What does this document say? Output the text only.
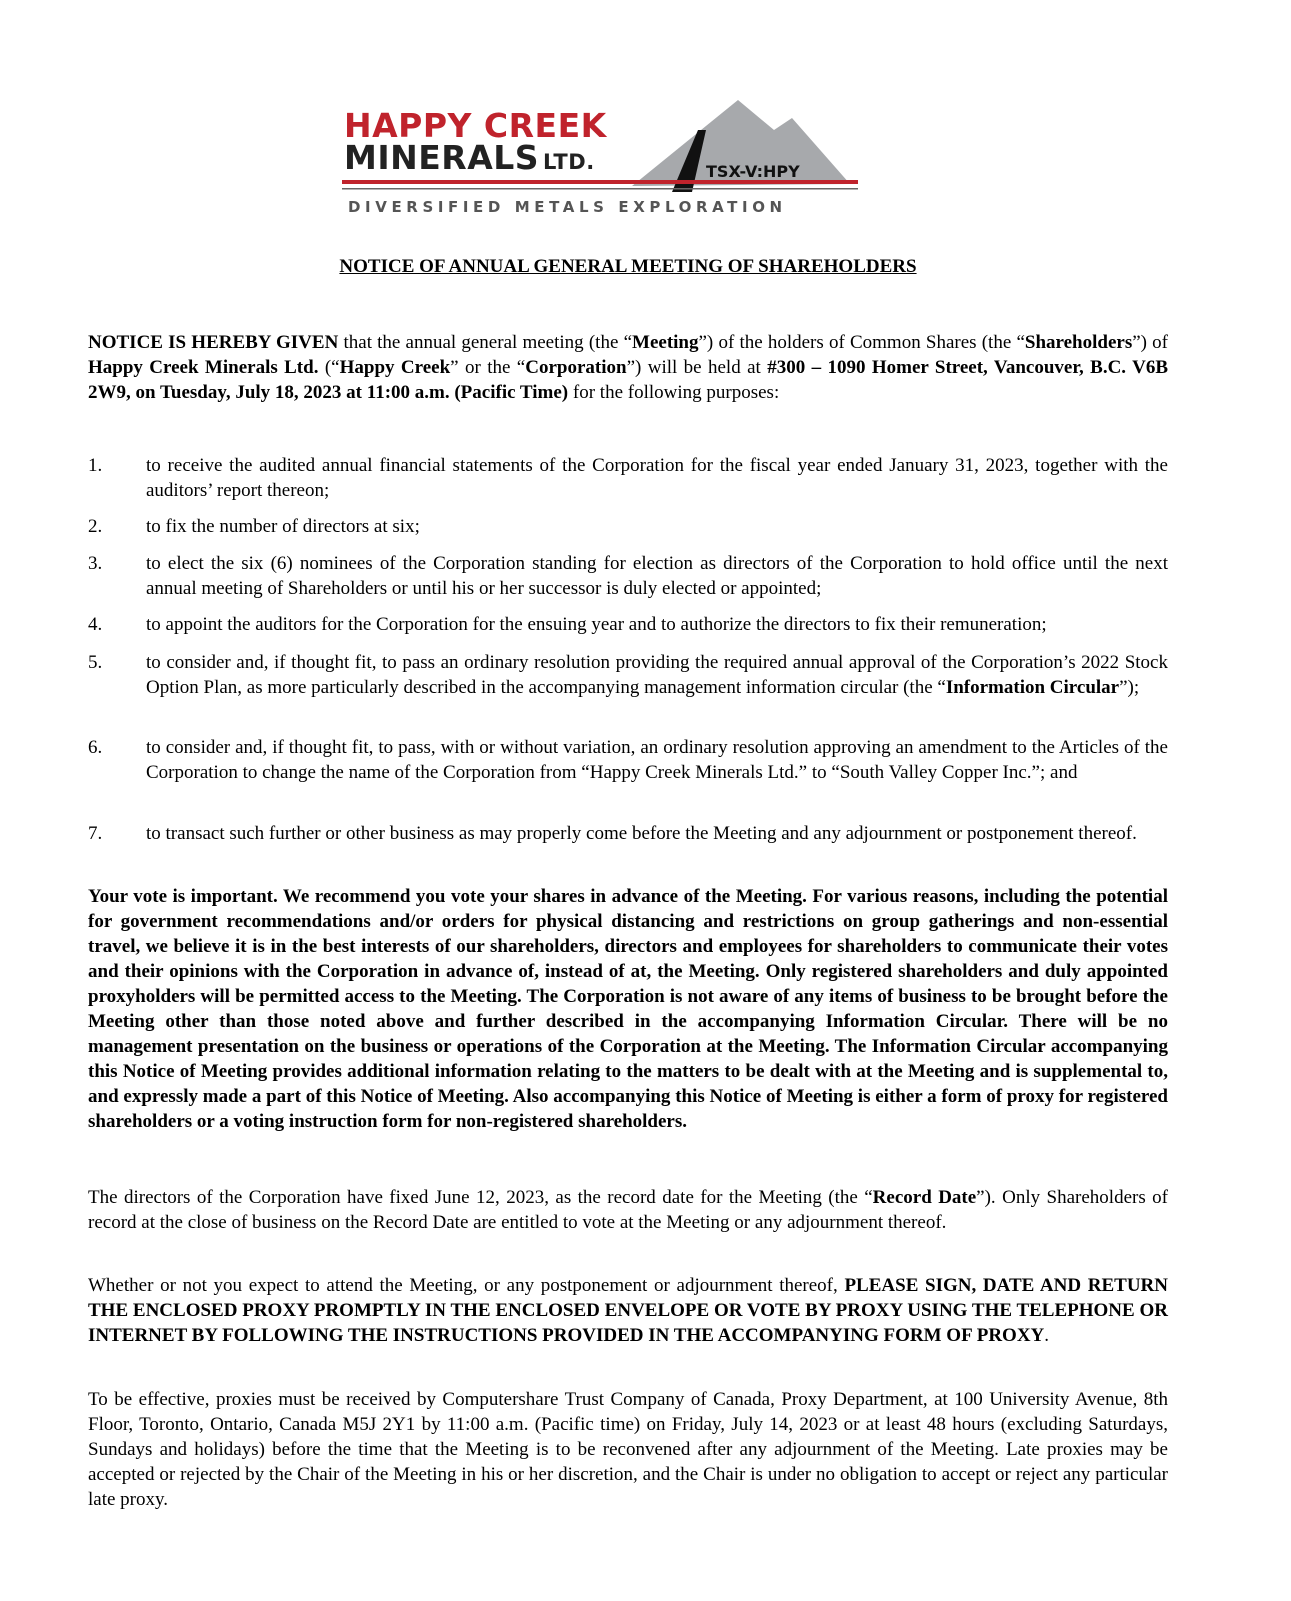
HAPPY CREEK
MINERALS LTD.	TSX-V:HPY
DIVERSIFIED METALS EXPLORATION
NOTICE OF ANNUAL GENERAL MEETING OF SHAREHOLDERS
NOTICE IS HEREBY GIVEN that the annual general meeting (the “Meeting”) of the holders of Common Shares (the “Shareholders”) of Happy Creek Minerals Ltd. (“Happy Creek” or the “Corporation”) will be held at #300 – 1090 Homer Street, Vancouver, B.C. V6B 2W9, on Tuesday, July 18, 2023 at 11:00 a.m. (Pacific Time) for the following purposes:
1. to receive the audited annual financial statements of the Corporation for the fiscal year ended January 31, 2023, together with the auditors’ report thereon;
2. to fix the number of directors at six;
3. to elect the six (6) nominees of the Corporation standing for election as directors of the Corporation to hold office until the next annual meeting of Shareholders or until his or her successor is duly elected or appointed;
4. to appoint the auditors for the Corporation for the ensuing year and to authorize the directors to fix their remuneration;
5. to consider and, if thought fit, to pass an ordinary resolution providing the required annual approval of the Corporation’s 2022 Stock Option Plan, as more particularly described in the accompanying management information circular (the “Information Circular”);
6. to consider and, if thought fit, to pass, with or without variation, an ordinary resolution approving an amendment to the Articles of the Corporation to change the name of the Corporation from “Happy Creek Minerals Ltd.” to “South Valley Copper Inc.”; and
7. to transact such further or other business as may properly come before the Meeting and any adjournment or postponement thereof.
Your vote is important. We recommend you vote your shares in advance of the Meeting. For various reasons, including the potential for government recommendations and/or orders for physical distancing and restrictions on group gatherings and non-essential travel, we believe it is in the best interests of our shareholders, directors and employees for shareholders to communicate their votes and their opinions with the Corporation in advance of, instead of at, the Meeting. Only registered shareholders and duly appointed proxyholders will be permitted access to the Meeting. The Corporation is not aware of any items of business to be brought before the Meeting other than those noted above and further described in the accompanying Information Circular. There will be no management presentation on the business or operations of the Corporation at the Meeting. The Information Circular accompanying this Notice of Meeting provides additional information relating to the matters to be dealt with at the Meeting and is supplemental to, and expressly made a part of this Notice of Meeting. Also accompanying this Notice of Meeting is either a form of proxy for registered shareholders or a voting instruction form for non-registered shareholders.
The directors of the Corporation have fixed June 12, 2023, as the record date for the Meeting (the “Record Date”). Only Shareholders of record at the close of business on the Record Date are entitled to vote at the Meeting or any adjournment thereof.
Whether or not you expect to attend the Meeting, or any postponement or adjournment thereof, PLEASE SIGN, DATE AND RETURN THE ENCLOSED PROXY PROMPTLY IN THE ENCLOSED ENVELOPE OR VOTE BY PROXY USING THE TELEPHONE OR INTERNET BY FOLLOWING THE INSTRUCTIONS PROVIDED IN THE ACCOMPANYING FORM OF PROXY.
To be effective, proxies must be received by Computershare Trust Company of Canada, Proxy Department, at 100 University Avenue, 8th Floor, Toronto, Ontario, Canada M5J 2Y1 by 11:00 a.m. (Pacific time) on Friday, July 14, 2023 or at least 48 hours (excluding Saturdays, Sundays and holidays) before the time that the Meeting is to be reconvened after any adjournment of the Meeting. Late proxies may be accepted or rejected by the Chair of the Meeting in his or her discretion, and the Chair is under no obligation to accept or reject any particular late proxy.
